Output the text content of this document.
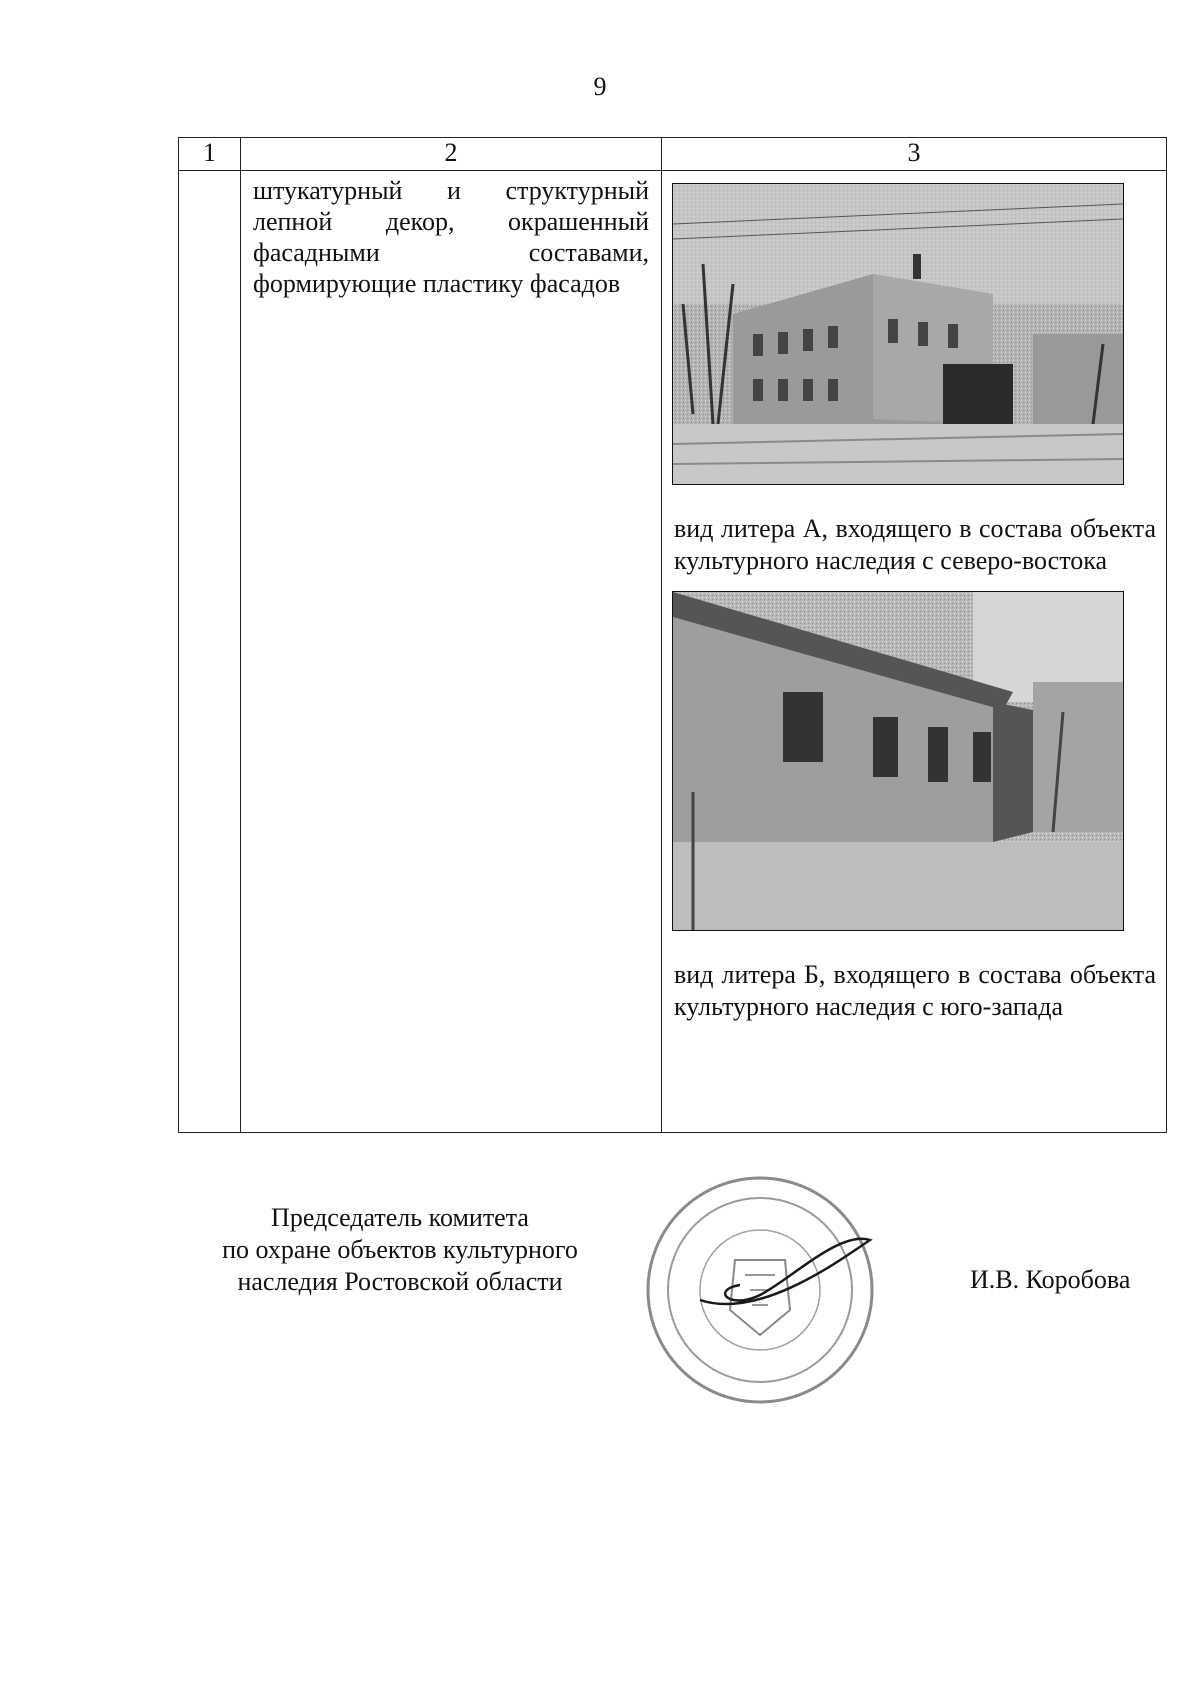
9
1	2	3

	штукатурный и структурный лепной декор, окрашенный фасадными составами, формирующие пластику фасадов	вид литера А, входящего в состава объекта культурного наследия с северо-востока
вид литера Б, входящего в состава объекта культурного наследия с юго-запада
Председатель комитета
по охране объектов культурного
наследия Ростовской области	И.В. Коробова
